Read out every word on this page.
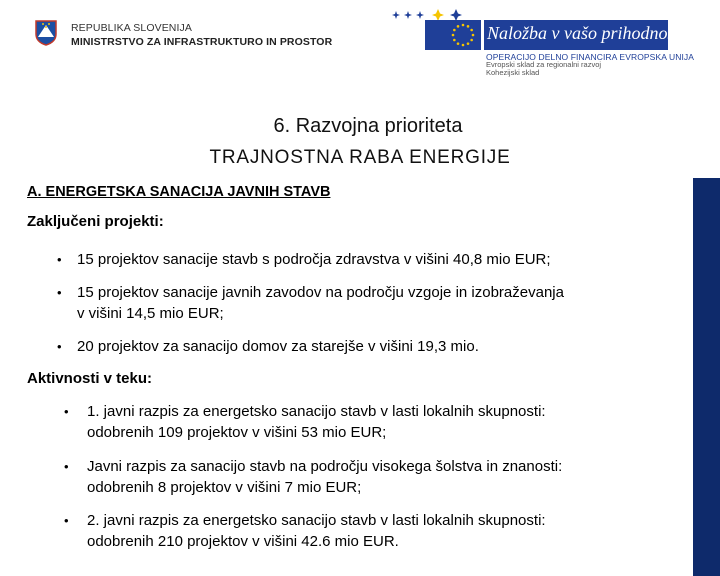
REPUBLIKA SLOVENIJA
MINISTRSTVO ZA INFRASTRUKTURO IN PROSTOR	Naložba v vašo prihodnost
OPERACIJO DELNO FINANCIRA EVROPSKA UNIJA
Evropski sklad za regionalni razvoj
Kohezijski sklad
6. Razvojna prioriteta
TRAJNOSTNA RABA ENERGIJE
A. ENERGETSKA SANACIJA JAVNIH STAVB
Zaključeni projekti:
• 15 projektov sanacije stavb s področja zdravstva v višini 40,8 mio EUR;
• 15 projektov sanacije javnih zavodov na področju vzgoje in izobraževanja
v višini 14,5 mio EUR;
• 20 projektov za sanacijo domov za starejše v višini 19,3 mio.
Aktivnosti v teku:
• 1. javni razpis za energetsko sanacijo stavb v lasti lokalnih skupnosti:
odobrenih 109 projektov v višini 53 mio EUR;
• Javni razpis za sanacijo stavb na področju visokega šolstva in znanosti:
odobrenih 8 projektov v višini 7 mio EUR;
• 2. javni razpis za energetsko sanacijo stavb v lasti lokalnih skupnosti:
odobrenih 210 projektov v višini 42.6 mio EUR.
